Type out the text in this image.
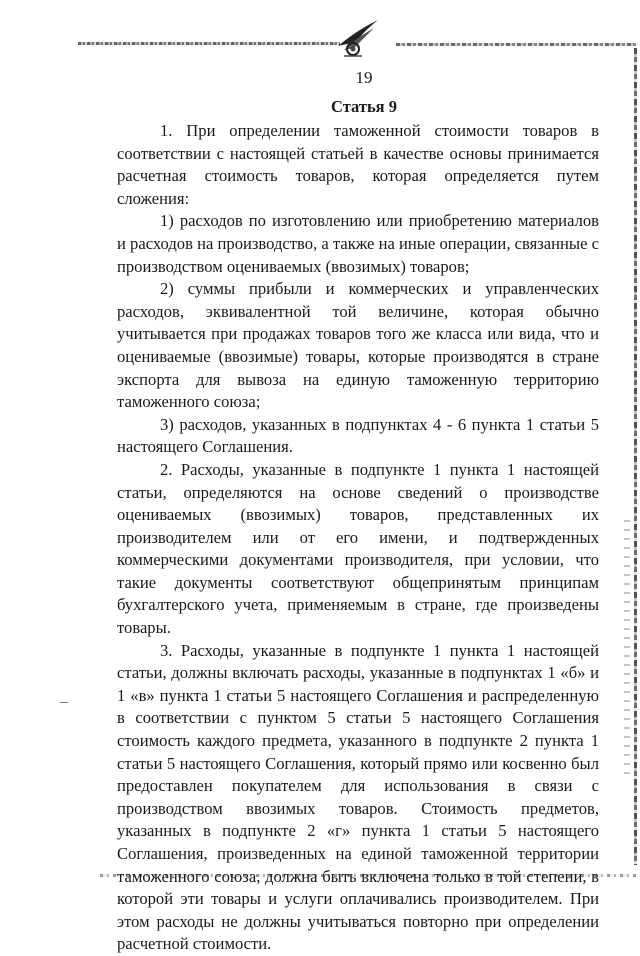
19
Статья 9

1. При определении таможенной стоимости товаров в соответствии с настоящей статьей в качестве основы принимается расчетная стоимость товаров, которая определяется путем сложения:

1) расходов по изготовлению или приобретению материалов и расходов на производство, а также на иные операции, связанные с производством оцениваемых (ввозимых) товаров;

2) суммы прибыли и коммерческих и управленческих расходов, эквивалентной той величине, которая обычно учитывается при продажах товаров того же класса или вида, что и оцениваемые (ввозимые) товары, которые производятся в стране экспорта для вывоза на единую таможенную территорию таможенного союза;

3) расходов, указанных в подпунктах 4 - 6 пункта 1 статьи 5 настоящего Соглашения.

2. Расходы, указанные в подпункте 1 пункта 1 настоящей статьи, определяются на основе сведений о производстве оцениваемых (ввозимых) товаров, представленных их производителем или от его имени, и подтвержденных коммерческими документами производителя, при условии, что такие документы соответствуют общепринятым принципам бухгалтерского учета, применяемым в стране, где произведены товары.

3. Расходы, указанные в подпункте 1 пункта 1 настоящей статьи, должны включать расходы, указанные в подпунктах 1 «б» и 1 «в» пункта 1 статьи 5 настоящего Соглашения и распределенную в соответствии с пунктом 5 статьи 5 настоящего Соглашения стоимость каждого предмета, указанного в подпункте 2 пункта 1 статьи 5 настоящего Соглашения, который прямо или косвенно был предоставлен покупателем для использования в связи с производством ввозимых товаров. Стоимость предметов, указанных в подпункте 2 «г» пункта 1 статьи 5 настоящего Соглашения, произведенных на единой таможенной территории таможенного союза, должна быть включена только в той степени, в которой эти товары и услуги оплачивались производителем. При этом расходы не должны учитываться повторно при определении расчетной стоимости.
